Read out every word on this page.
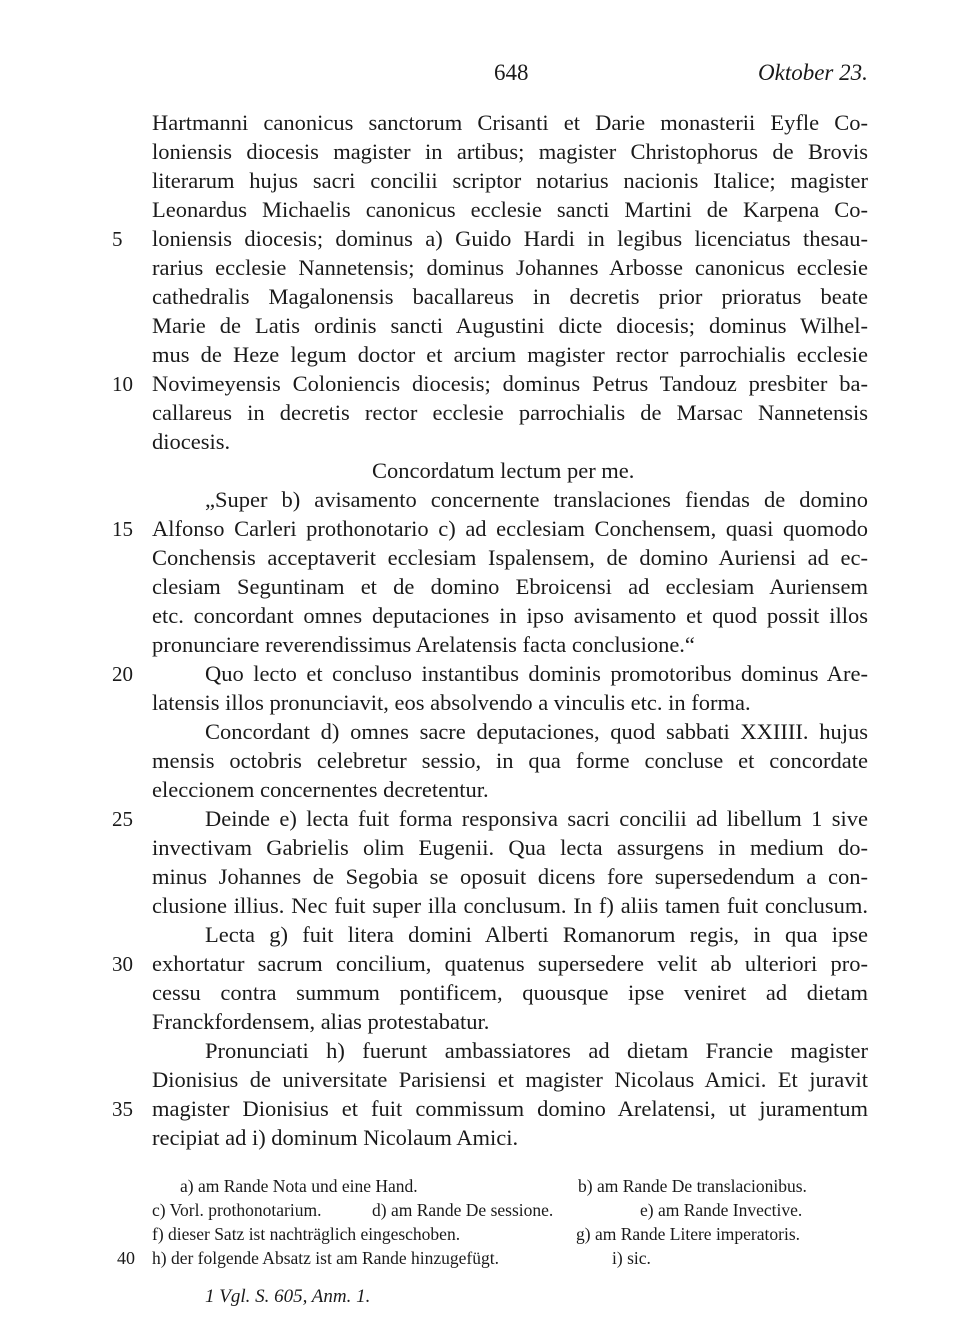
648	Oktober 23.
Hartmanni canonicus sanctorum Crisanti et Darie monasterii Eyfle Co-
loniensis diocesis magister in artibus; magister Christophorus de Brovis
literarum hujus sacri concilii scriptor notarius nacionis Italice; magister
Leonardus Michaelis canonicus ecclesie sancti Martini de Karpena Co-
loniensis diocesis; dominus a) Guido Hardi in legibus licenciatus thesau-
rarius ecclesie Nannetensis; dominus Johannes Arbosse canonicus ecclesie
cathedralis Magalonensis bacallareus in decretis prior prioratus beate
Marie de Latis ordinis sancti Augustini dicte diocesis; dominus Wilhel-
mus de Heze legum doctor et arcium magister rector parrochialis ecclesie
Novimeyensis Coloniencis diocesis; dominus Petrus Tandouz presbiter ba-
callareus in decretis rector ecclesie parrochialis de Marsac Nannetensis
diocesis.
Concordatum lectum per me.
„Super b) avisamento concernente translaciones fiendas de domino
Alfonso Carleri prothonotario c) ad ecclesiam Conchensem, quasi quomodo
Conchensis acceptaverit ecclesiam Ispalensem, de domino Auriensi ad ec-
clesiam Seguntinam et de domino Ebroicensi ad ecclesiam Auriensem
etc. concordant omnes deputaciones in ipso avisamento et quod possit illos
pronunciare reverendissimus Arelatensis facta conclusione.“
Quo lecto et concluso instantibus dominis promotoribus dominus Are-
latensis illos pronunciavit, eos absolvendo a vinculis etc. in forma.
Concordant d) omnes sacre deputaciones, quod sabbati XXIIII. hujus
mensis octobris celebretur sessio, in qua forme concluse et concordate
eleccionem concernentes decretentur.
Deinde e) lecta fuit forma responsiva sacri concilii ad libellum 1 sive
invectivam Gabrielis olim Eugenii. Qua lecta assurgens in medium do-
minus Johannes de Segobia se oposuit dicens fore supersedendum a con-
clusione illius. Nec fuit super illa conclusum. In f) aliis tamen fuit conclusum.
Lecta g) fuit litera domini Alberti Romanorum regis, in qua ipse
exhortatur sacrum concilium, quatenus supersedere velit ab ulteriori pro-
cessu contra summum pontificem, quousque ipse veniret ad dietam
Franckfordensem, alias protestabatur.
Pronunciati h) fuerunt ambassiatores ad dietam Francie magister
Dionisius de universitate Parisiensi et magister Nicolaus Amici. Et juravit
magister Dionisius et fuit commissum domino Arelatensi, ut juramentum
recipiat ad i) dominum Nicolaum Amici.
5
10
15
20
25
30
35
a) am Rande Nota und eine Hand.	b) am Rande De translacionibus.
c) Vorl. prothonotarium.	d) am Rande De sessione.	e) am Rande Invective.
f) dieser Satz ist nachträglich eingeschoben.	g) am Rande Litere imperatoris.
40 h) der folgende Absatz ist am Rande hinzugefügt.	i) sic.
1 Vgl. S. 605, Anm. 1.
